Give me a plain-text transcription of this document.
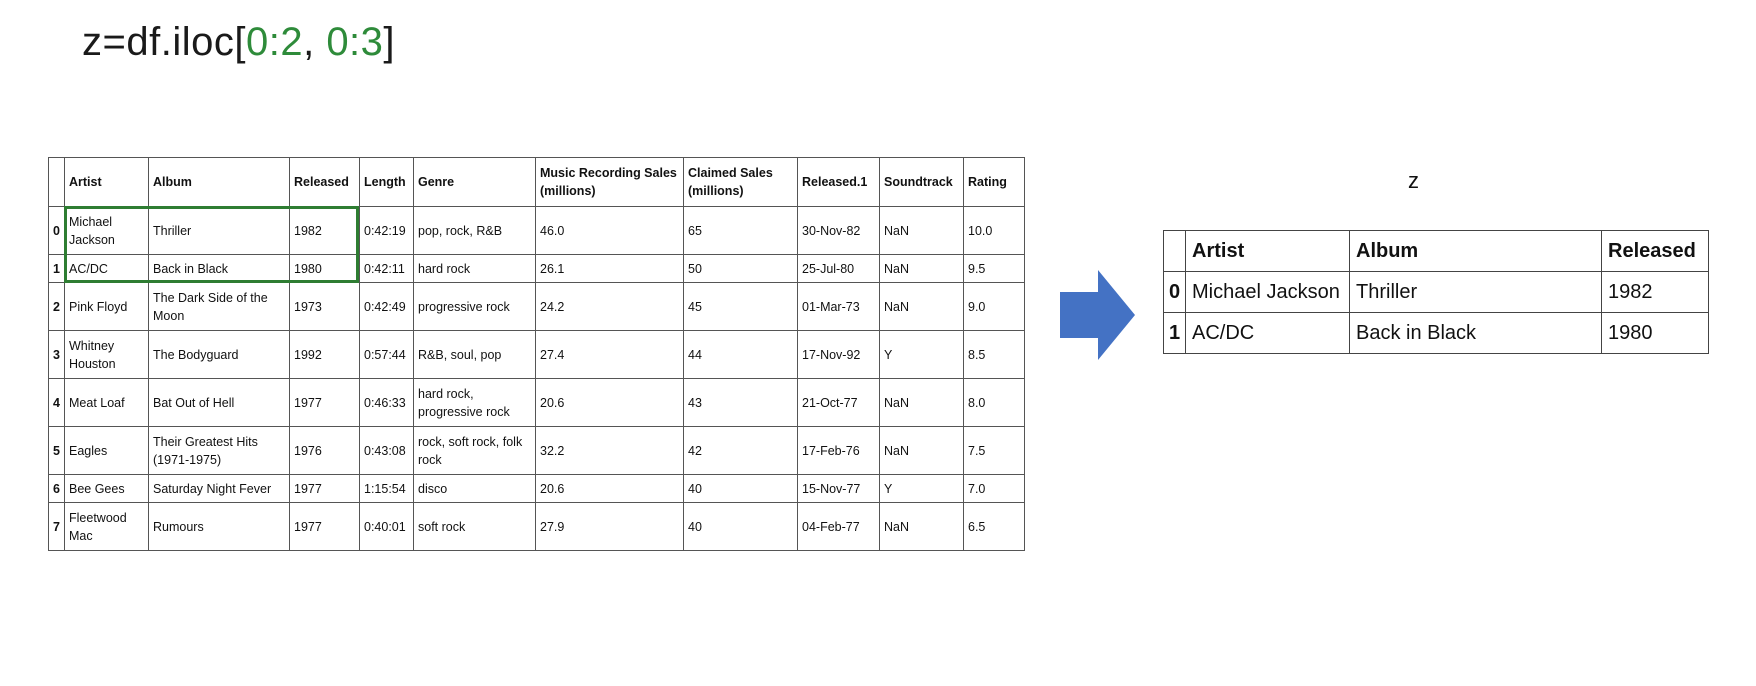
z=df.iloc[0:2, 0:3]
	Artist	Album	Released	Length	Genre	Music Recording Sales (millions)	Claimed Sales (millions)	Released.1	Soundtrack	Rating
0	Michael Jackson	Thriller	1982	0:42:19	pop, rock, R&B	46.0	65	30-Nov-82	NaN	10.0
1	AC/DC	Back in Black	1980	0:42:11	hard rock	26.1	50	25-Jul-80	NaN	9.5
2	Pink Floyd	The Dark Side of the Moon	1973	0:42:49	progressive rock	24.2	45	01-Mar-73	NaN	9.0
3	Whitney Houston	The Bodyguard	1992	0:57:44	R&B, soul, pop	27.4	44	17-Nov-92	Y	8.5
4	Meat Loaf	Bat Out of Hell	1977	0:46:33	hard rock, progressive rock	20.6	43	21-Oct-77	NaN	8.0
5	Eagles	Their Greatest Hits (1971-1975)	1976	0:43:08	rock, soft rock, folk rock	32.2	42	17-Feb-76	NaN	7.5
6	Bee Gees	Saturday Night Fever	1977	1:15:54	disco	20.6	40	15-Nov-77	Y	7.0
7	Fleetwood Mac	Rumours	1977	0:40:01	soft rock	27.9	40	04-Feb-77	NaN	6.5
z
	Artist	Album	Released
0	Michael Jackson	Thriller	1982
1	AC/DC	Back in Black	1980
